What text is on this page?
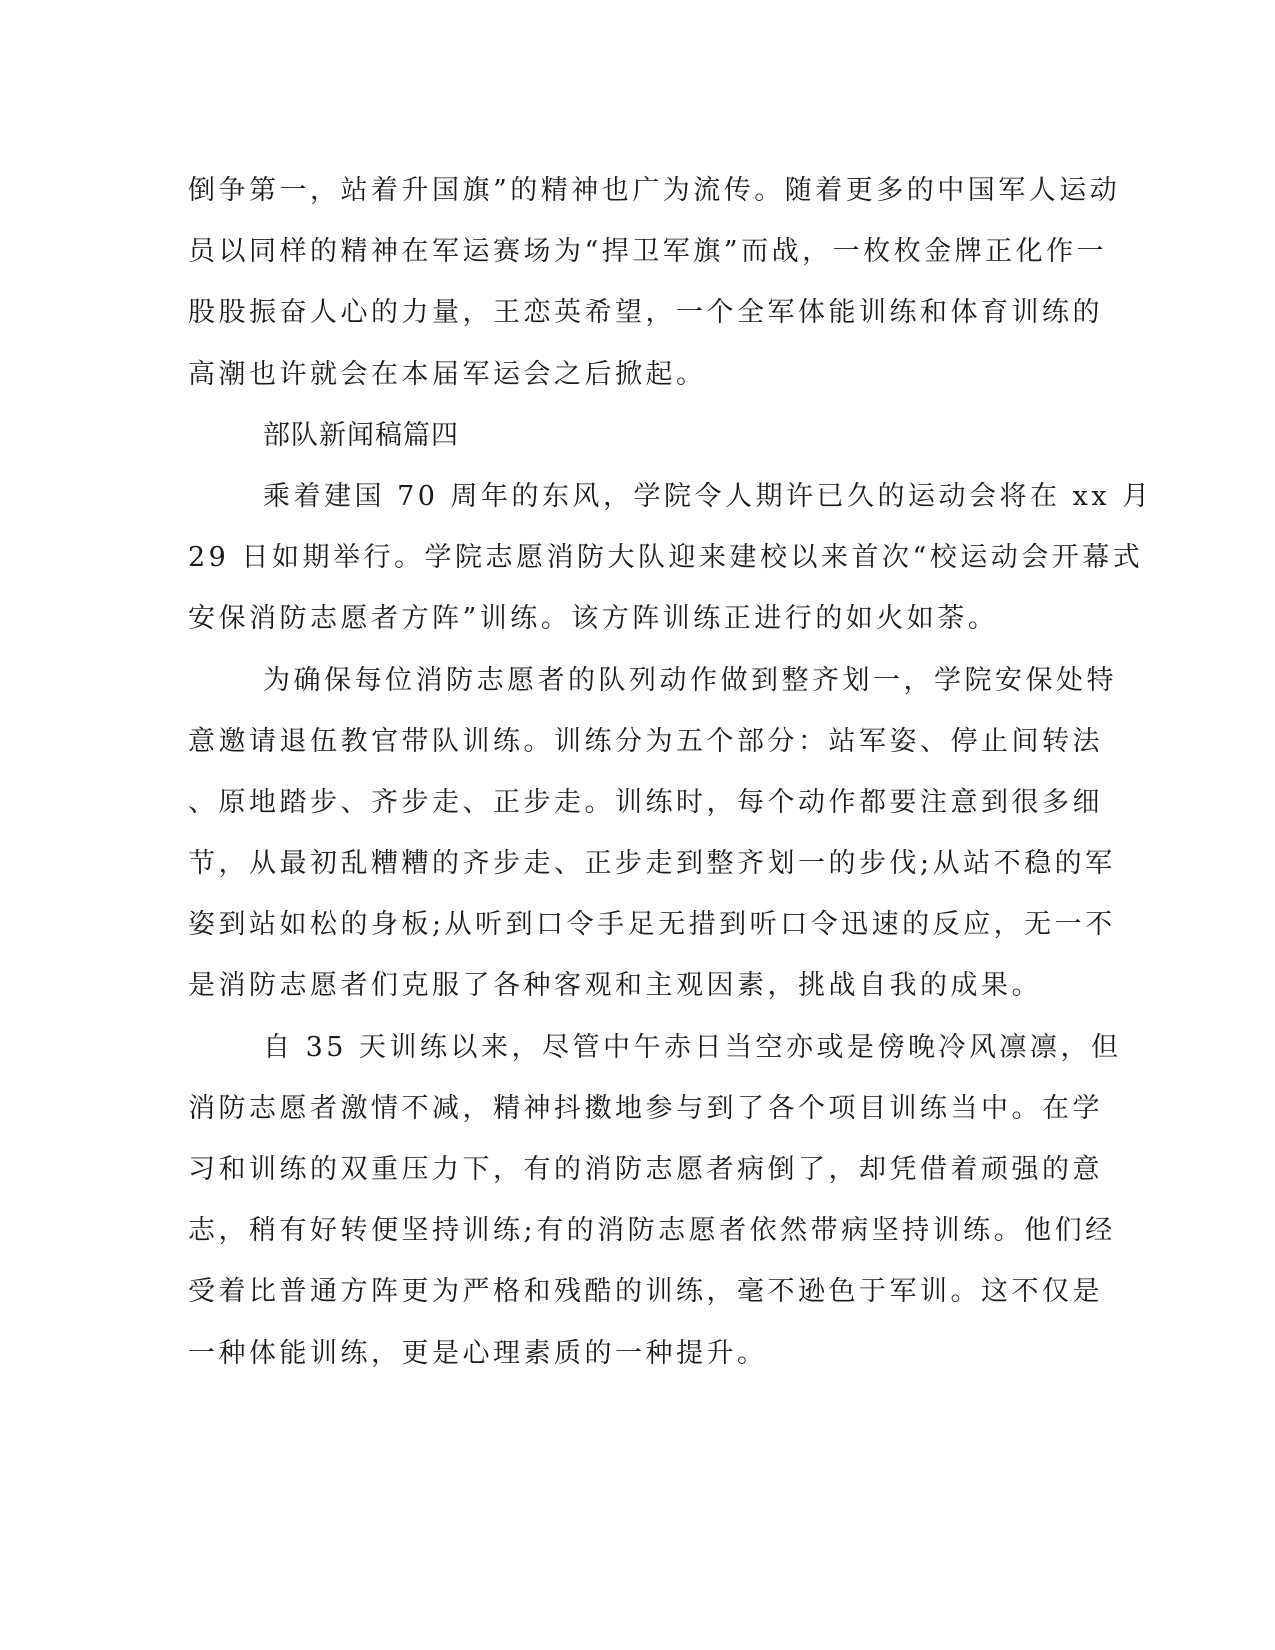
倒争第一，站着升国旗”的精神也广为流传。随着更多的中国军人运动
员以同样的精神在军运赛场为“捍卫军旗”而战，一枚枚金牌正化作一
股股振奋人心的力量，王恋英希望，一个全军体能训练和体育训练的
高潮也许就会在本届军运会之后掀起。
部队新闻稿篇四
乘着建国 70 周年的东风，学院令人期许已久的运动会将在 xx 月
29 日如期举行。学院志愿消防大队迎来建校以来首次“校运动会开幕式
安保消防志愿者方阵”训练。该方阵训练正进行的如火如荼。
为确保每位消防志愿者的队列动作做到整齐划一，学院安保处特
意邀请退伍教官带队训练。训练分为五个部分：站军姿、停止间转法
、原地踏步、齐步走、正步走。训练时，每个动作都要注意到很多细
节，从最初乱糟糟的齐步走、正步走到整齐划一的步伐;从站不稳的军
姿到站如松的身板;从听到口令手足无措到听口令迅速的反应，无一不
是消防志愿者们克服了各种客观和主观因素，挑战自我的成果。
自 35 天训练以来，尽管中午赤日当空亦或是傍晚冷风凛凛，但
消防志愿者激情不减，精神抖擞地参与到了各个项目训练当中。在学
习和训练的双重压力下，有的消防志愿者病倒了，却凭借着顽强的意
志，稍有好转便坚持训练;有的消防志愿者依然带病坚持训练。他们经
受着比普通方阵更为严格和残酷的训练，毫不逊色于军训。这不仅是
一种体能训练，更是心理素质的一种提升。
